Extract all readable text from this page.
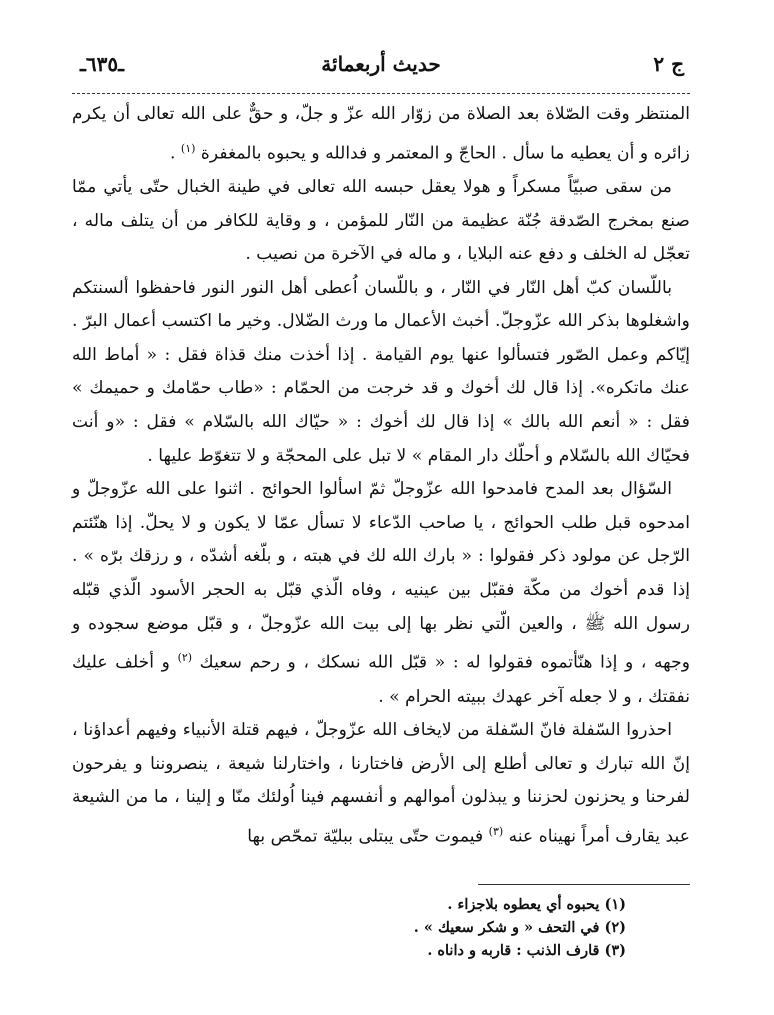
ج ٢
حديث أربعمائة
ـ٦٣٥ـ

المنتظر وقت الصّلاة بعد الصلاة من زوّار الله عزّ و جلّ، و حقٌّ على الله تعالى أن يكرم زائره و أن يعطيه ما سأل . الحاجّ و المعتمر و فدالله و يحبوه بالمغفرة $^{(١)}$ .

من سقى صبيّاً مسكراً و هولا يعقل حبسه الله تعالى في طينة الخبال حتّى يأتي ممّا صنع بمخرج الصّدقة جُنّة عظيمة من النّار للمؤمن ، و وقاية للكافر من أن يتلف ماله ، تعجّل له الخلف و دفع عنه البلايا ، و ماله في الآخرة من نصيب .

باللّسان كبّ أهل النّار في النّار ، و باللّسان اُعطى أهل النور النور فاحفظوا ألسنتكم واشغلوها بذكر الله عزّوجلّ. أخبث الأعمال ما ورث الضّلال. وخير ما اكتسب أعمال البرّ . إيّاكم وعمل الصّور فتسألوا عنها يوم القيامة . إذا أخذت منك قذاة فقل : « أماط الله عنك ماتكره». إذا قال لك أخوك و قد خرجت من الحمّام : «طاب حمّامك و حميمك » فقل : « أنعم الله بالك » إذا قال لك أخوك : « حيّاك الله بالسّلام » فقل : «و أنت فحيّاك الله بالسّلام و أحلّك دار المقام » لا تبل على المحجّة و لا تتغوّط عليها .

السّؤال بعد المدح فامدحوا الله عزّوجلّ ثمّ اسألوا الحوائج . اثنوا على الله عزّوجلّ و امدحوه قبل طلب الحوائج ، يا صاحب الدّعاء لا تسأل عمّا لا يكون و لا يحلّ. إذا هنّئتم الرّجل عن مولود ذكر فقولوا : « بارك الله لك في هبته ، و بلّغه أشدّه ، و رزقك برّه » . إذا قدم أخوك من مكّة فقبّل بين عينيه ، وفاه الّذي قبّل به الحجر الأسود الّذي قبّله رسول الله ﷺ ، والعين الّتي نظر بها إلى بيت الله عزّوجلّ ، و قبّل موضع سجوده و وجهه ، و إذا هنّأتموه فقولوا له : « قبّل الله نسكك ، و رحم سعيك $^{(٢)}$ و أخلف عليك نفقتك ، و لا جعله آخر عهدك ببيته الحرام » .

احذروا السّفلة فانّ السّفلة من لايخاف الله عزّوجلّ ، فيهم قتلة الأنبياء وفيهم أعداؤنا ، إنّ الله تبارك و تعالى أطلع إلى الأرض فاختارنا ، واختارلنا شيعة ، ينصروننا و يفرحون لفرحنا و يحزنون لحزننا و يبذلون أموالهم و أنفسهم فينا اُولئك منّا و إلينا ، ما من الشيعة عبد يقارف أمراً نهيناه عنه $^{(٣)}$ فيموت حتّى يبتلى ببليّة تمحّص بها

(١) يحبوه أي يعطوه بلاجزاء .
(٢) في التحف « و شكر سعيك » .
(٣) قارف الذنب : قاربه و داناه .
